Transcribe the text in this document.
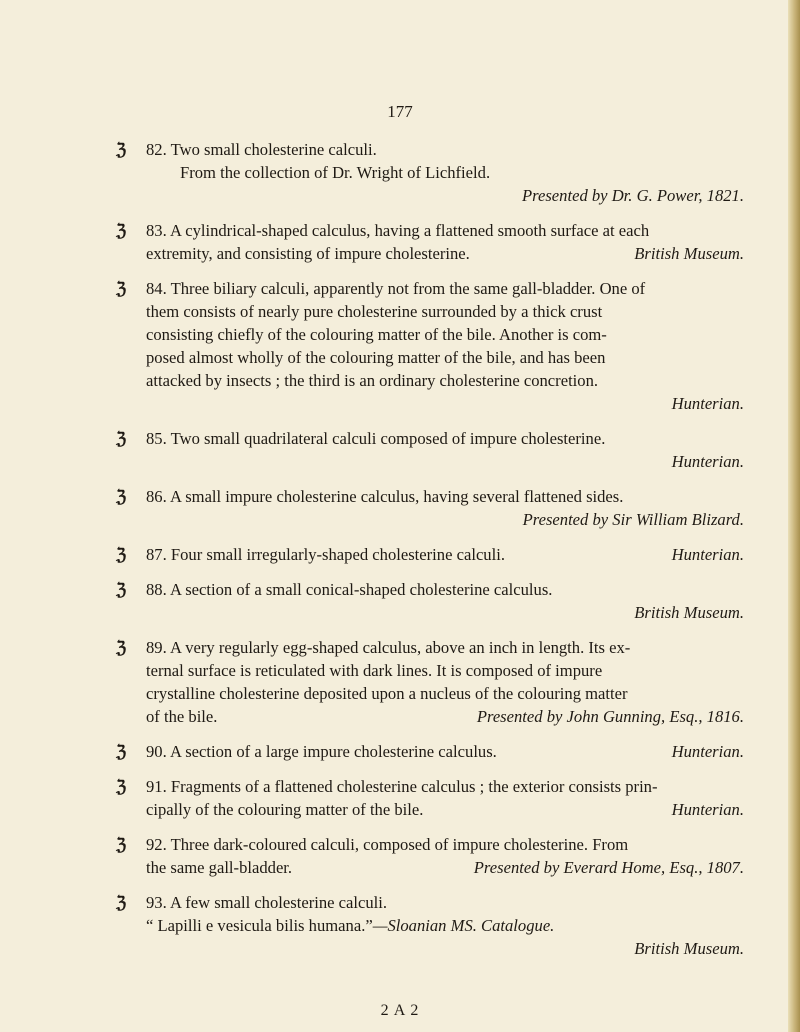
177
ℨ	82. Two small cholesterine calculi.
From the collection of Dr. Wright of Lichfield.
Presented by Dr. G. Power, 1821.
ℨ	83. A cylindrical-shaped calculus, having a flattened smooth surface at each
extremity, and consisting of impure cholesterine.	British Museum.
ℨ	84. Three biliary calculi, apparently not from the same gall-bladder. One of
them consists of nearly pure cholesterine surrounded by a thick crust
consisting chiefly of the colouring matter of the bile. Another is com-
posed almost wholly of the colouring matter of the bile, and has been
attacked by insects ; the third is an ordinary cholesterine concretion.
Hunterian.
ℨ	85. Two small quadrilateral calculi composed of impure cholesterine.
Hunterian.
ℨ	86. A small impure cholesterine calculus, having several flattened sides.
Presented by Sir William Blizard.
ℨ	87. Four small irregularly-shaped cholesterine calculi.	Hunterian.
ℨ	88. A section of a small conical-shaped cholesterine calculus.
British Museum.
ℨ	89. A very regularly egg-shaped calculus, above an inch in length. Its ex-
ternal surface is reticulated with dark lines. It is composed of impure
crystalline cholesterine deposited upon a nucleus of the colouring matter
of the bile.	Presented by John Gunning, Esq., 1816.
ℨ	90. A section of a large impure cholesterine calculus.	Hunterian.
ℨ	91. Fragments of a flattened cholesterine calculus ; the exterior consists prin-
cipally of the colouring matter of the bile.	Hunterian.
ℨ	92. Three dark-coloured calculi, composed of impure cholesterine. From
the same gall-bladder.	Presented by Everard Home, Esq., 1807.
ℨ	93. A few small cholesterine calculi.
“ Lapilli e vesicula bilis humana.”—Sloanian MS. Catalogue.
British Museum.
2 A 2
